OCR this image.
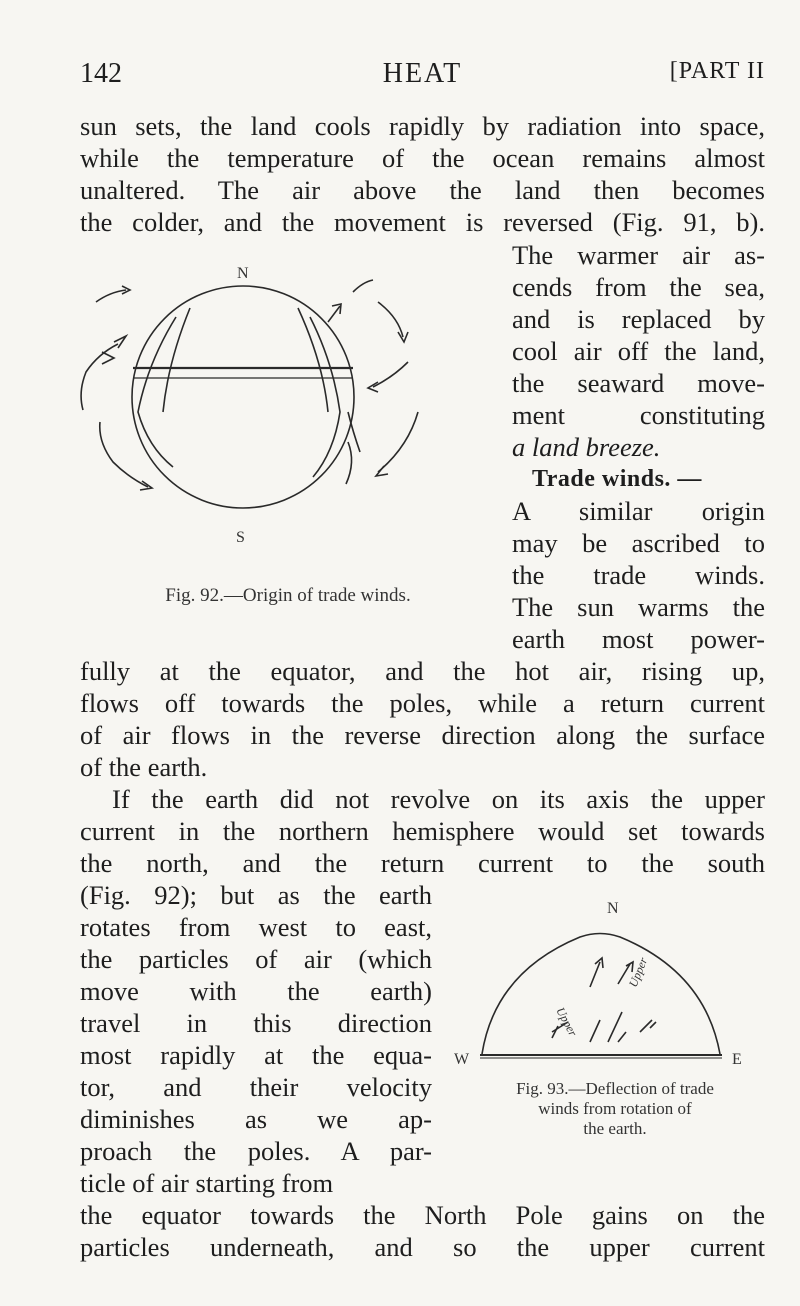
142	HEAT	[PART II
sun sets, the land cools rapidly by radiation into space,
while the temperature of the ocean remains almost
unaltered. The air above the land then becomes
the colder, and the movement is reversed (Fig. 91, b).
The warmer air as-
cends from the sea,
and is replaced by
cool air off the land,
the seaward move-
ment constituting
a land breeze.
Trade winds. —
A similar origin
may be ascribed to
the trade winds.
The sun warms the
earth most power-
N
S
Fig. 92.—Origin of trade winds.
fully at the equator, and the hot air, rising up,
flows off towards the poles, while a return current
of air flows in the reverse direction along the surface
of the earth.
If the earth did not revolve on its axis the upper
current in the northern hemisphere would set towards
the north, and the return current to the south
(Fig. 92); but as the earth
rotates from west to east,
the particles of air (which
move with the earth)
travel in this direction
most rapidly at the equa-
tor, and their velocity
diminishes as we ap-
proach the poles. A par-
ticle of air starting from
Upper
Upper
N
W	E
Fig. 93.—Deflection of trade
winds from rotation of
the earth.
the equator towards the North Pole gains on the
particles underneath, and so the upper current
